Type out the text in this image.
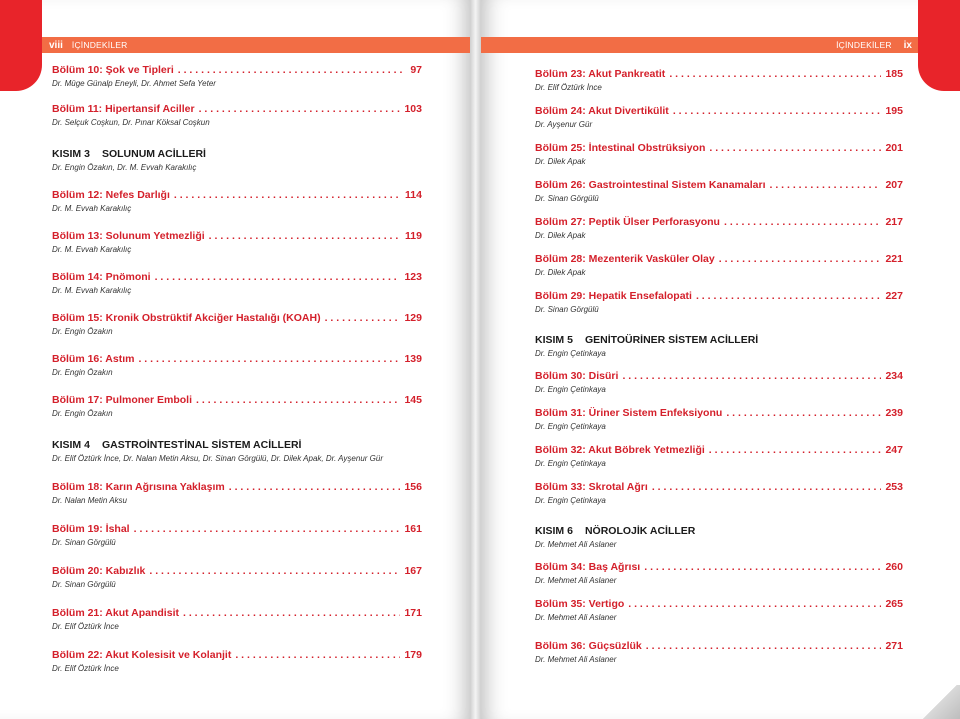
viii İÇİNDEKİLER
Bölüm 10: Şok ve Tipleri . . .	97
Dr. Müge Günalp Eneyli, Dr. Ahmet Sefa Yeter
Bölüm 11: Hipertansif Aciller . . .	103
Dr. Selçuk Coşkun, Dr. Pınar Köksal Coşkun
KISIM 3 SOLUNUM ACİLLERİ
Dr. Engin Özakın, Dr. M. Evvah Karakılıç
Bölüm 12: Nefes Darlığı . . .	114
Dr. M. Evvah Karakılıç
Bölüm 13: Solunum Yetmezliği . . .	119
Dr. M. Evvah Karakılıç
Bölüm 14: Pnömoni . . .	123
Dr. M. Evvah Karakılıç
Bölüm 15: Kronik Obstrüktif Akciğer Hastalığı (KOAH) . . .	129
Dr. Engin Özakın
Bölüm 16: Astım . . .	139
Dr. Engin Özakın
Bölüm 17: Pulmoner Emboli . . .	145
Dr. Engin Özakın
KISIM 4 GASTROİNTESTİNAL SİSTEM ACİLLERİ
Dr. Elif Öztürk İnce, Dr. Nalan Metin Aksu, Dr. Sinan Görgülü, Dr. Dilek Apak, Dr. Ayşenur Gür
Bölüm 18: Karın Ağrısına Yaklaşım . . .	156
Dr. Nalan Metin Aksu
Bölüm 19: İshal . . .	161
Dr. Sinan Görgülü
Bölüm 20: Kabızlık . . .	167
Dr. Sinan Görgülü
Bölüm 21: Akut Apandisit . . .	171
Dr. Elif Öztürk İnce
Bölüm 22: Akut Kolesisit ve Kolanjit . . .	179
Dr. Elif Öztürk İnce
İÇİNDEKİLER ix
Bölüm 23: Akut Pankreatit . . .	185
Dr. Elif Öztürk İnce
Bölüm 24: Akut Divertikülit . . .	195
Dr. Ayşenur Gür
Bölüm 25: İntestinal Obstrüksiyon . . .	201
Dr. Dilek Apak
Bölüm 26: Gastrointestinal Sistem Kanamaları . . .	207
Dr. Sinan Görgülü
Bölüm 27: Peptik Ülser Perforasyonu . . .	217
Dr. Dilek Apak
Bölüm 28: Mezenterik Vasküler Olay . . .	221
Dr. Dilek Apak
Bölüm 29: Hepatik Ensefalopati . . .	227
Dr. Sinan Görgülü
KISIM 5 GENİTOÜRİNER SİSTEM ACİLLERİ
Dr. Engin Çetinkaya
Bölüm 30: Disüri . . .	234
Dr. Engin Çetinkaya
Bölüm 31: Üriner Sistem Enfeksiyonu . . .	239
Dr. Engin Çetinkaya
Bölüm 32: Akut Böbrek Yetmezliği . . .	247
Dr. Engin Çetinkaya
Bölüm 33: Skrotal Ağrı . . .	253
Dr. Engin Çetinkaya
KISIM 6 NÖROLOJİK ACİLLER
Dr. Mehmet Ali Aslaner
Bölüm 34: Baş Ağrısı . . .	260
Dr. Mehmet Ali Aslaner
Bölüm 35: Vertigo . . .	265
Dr. Mehmet Ali Aslaner
Bölüm 36: Güçsüzlük . . .	271
Dr. Mehmet Ali Aslaner
